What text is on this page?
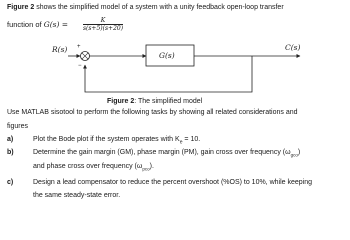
Figure 2 shows the simplified model of a system with a unity feedback open-loop transfer
function of G(s) =	K
s(s+5)(s+20)
R(s) +
−
G(s)
C(s)
Figure 2: The simplified model
Use MATLAB sisotool to perform the following tasks by showing all related considerations and
figures
a)	Plot the Bode plot if the system operates with $K_e = 10$.
b)	Determine the gain margin (GM), phase margin (PM), gain cross over frequency $(\omega_{gco})$
and phase cross over frequency $(\omega_{pco})$.
c)	Design a lead compensator to reduce the percent overshoot (%OS) to 10%, while keeping
the same steady-state error.
